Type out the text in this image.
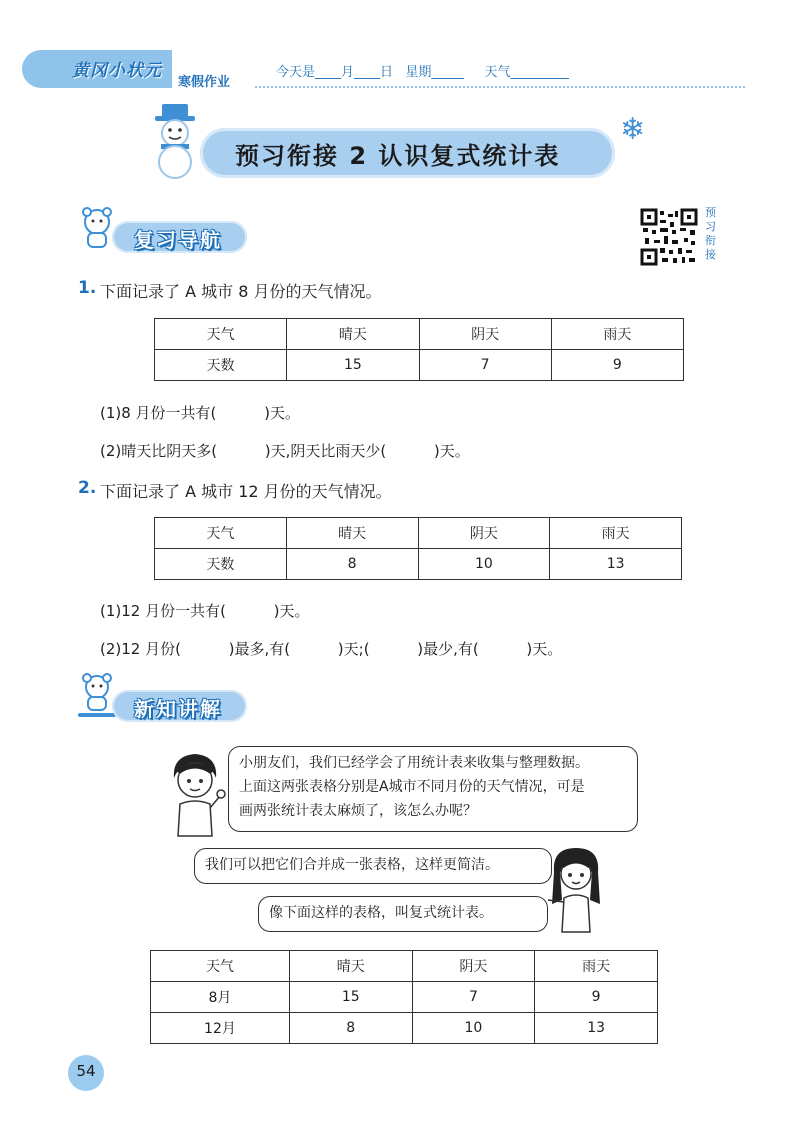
黄冈小状元
寒假作业
今天是____月____日   星期_____     天气_________
预习衔接 2 认识复式统计表
❄
复习导航
预习衔接
1. 下面记录了 A 城市 8 月份的天气情况。
天气	晴天	阴天	雨天
天数	15	7	9
(1)8 月份一共有(          )天。
(2)晴天比阴天多(          )天,阴天比雨天少(          )天。
2. 下面记录了 A 城市 12 月份的天气情况。
天气	晴天	阴天	雨天
天数	8	10	13
(1)12 月份一共有(          )天。
(2)12 月份(          )最多,有(          )天;(          )最少,有(          )天。
新知讲解
小朋友们，我们已经学会了用统计表来收集与整理数据。
上面这两张表格分别是A城市不同月份的天气情况，可是
画两张统计表太麻烦了，该怎么办呢？
我们可以把它们合并成一张表格，这样更简洁。
像下面这样的表格，叫复式统计表。
天气	晴天	阴天	雨天
8月	15	7	9
12月	8	10	13
54
